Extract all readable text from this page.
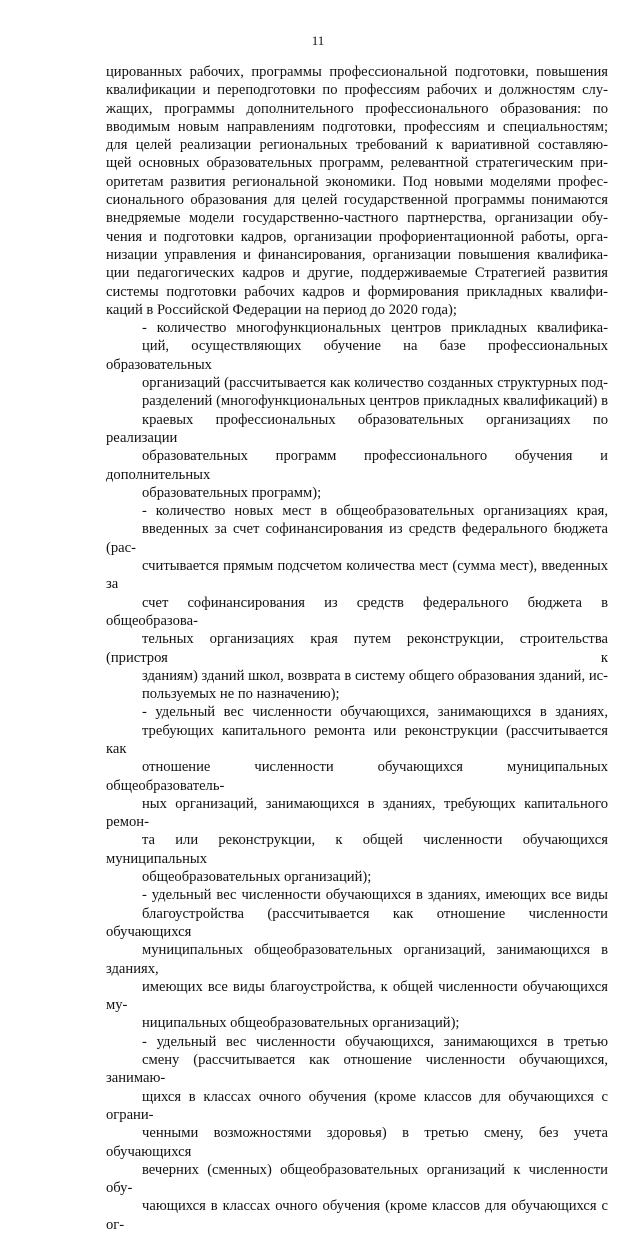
11

цированных рабочих, программы профессиональной подготовки, повышения
квалификации и переподготовки по профессиям рабочих и должностям слу-
жащих, программы дополнительного профессионального образования: по
вводимым новым направлениям подготовки, профессиям и специальностям;
для целей реализации региональных требований к вариативной составляю-
щей основных образовательных программ, релевантной стратегическим при-
оритетам развития региональной экономики. Под новыми моделями профес-
сионального образования для целей государственной программы понимаются
внедряемые модели государственно-частного партнерства, организации обу-
чения и подготовки кадров, организации профориентационной работы, орга-
низации управления и финансирования, организации повышения квалифика-
ции педагогических кадров и другие, поддерживаемые Стратегией развития
системы подготовки рабочих кадров и формирования прикладных квалифи-
каций в Российской Федерации на период до 2020 года);

- количество многофункциональных центров прикладных квалифика-
ций, осуществляющих обучение на базе профессиональных образовательных
организаций (рассчитывается как количество созданных структурных под-
разделений (многофункциональных центров прикладных квалификаций) в
краевых профессиональных образовательных организациях по реализации
образовательных программ профессионального обучения и дополнительных
образовательных программ);

- количество новых мест в общеобразовательных организациях края,
введенных за счет софинансирования из средств федерального бюджета (рас-
считывается прямым подсчетом количества мест (сумма мест), введенных за
счет софинансирования из средств федерального бюджета в общеобразова-
тельных организациях края путем реконструкции, строительства (пристроя к
зданиям) зданий школ, возврата в систему общего образования зданий, ис-
пользуемых не по назначению);

- удельный вес численности обучающихся, занимающихся в зданиях,
требующих капитального ремонта или реконструкции (рассчитывается как
отношение численности обучающихся муниципальных общеобразователь-
ных организаций, занимающихся в зданиях, требующих капитального ремон-
та или реконструкции, к общей численности обучающихся муниципальных
общеобразовательных организаций);

- удельный вес численности обучающихся в зданиях, имеющих все виды
благоустройства (рассчитывается как отношение численности обучающихся
муниципальных общеобразовательных организаций, занимающихся в зданиях,
имеющих все виды благоустройства, к общей численности обучающихся му-
ниципальных общеобразовательных организаций);

- удельный вес численности обучающихся, занимающихся в третью
смену (рассчитывается как отношение численности обучающихся, занимаю-
щихся в классах очного обучения (кроме классов для обучающихся с ограни-
ченными возможностями здоровья) в третью смену, без учета обучающихся
вечерних (сменных) общеобразовательных организаций к численности обу-
чающихся в классах очного обучения (кроме классов для обучающихся с ог-
